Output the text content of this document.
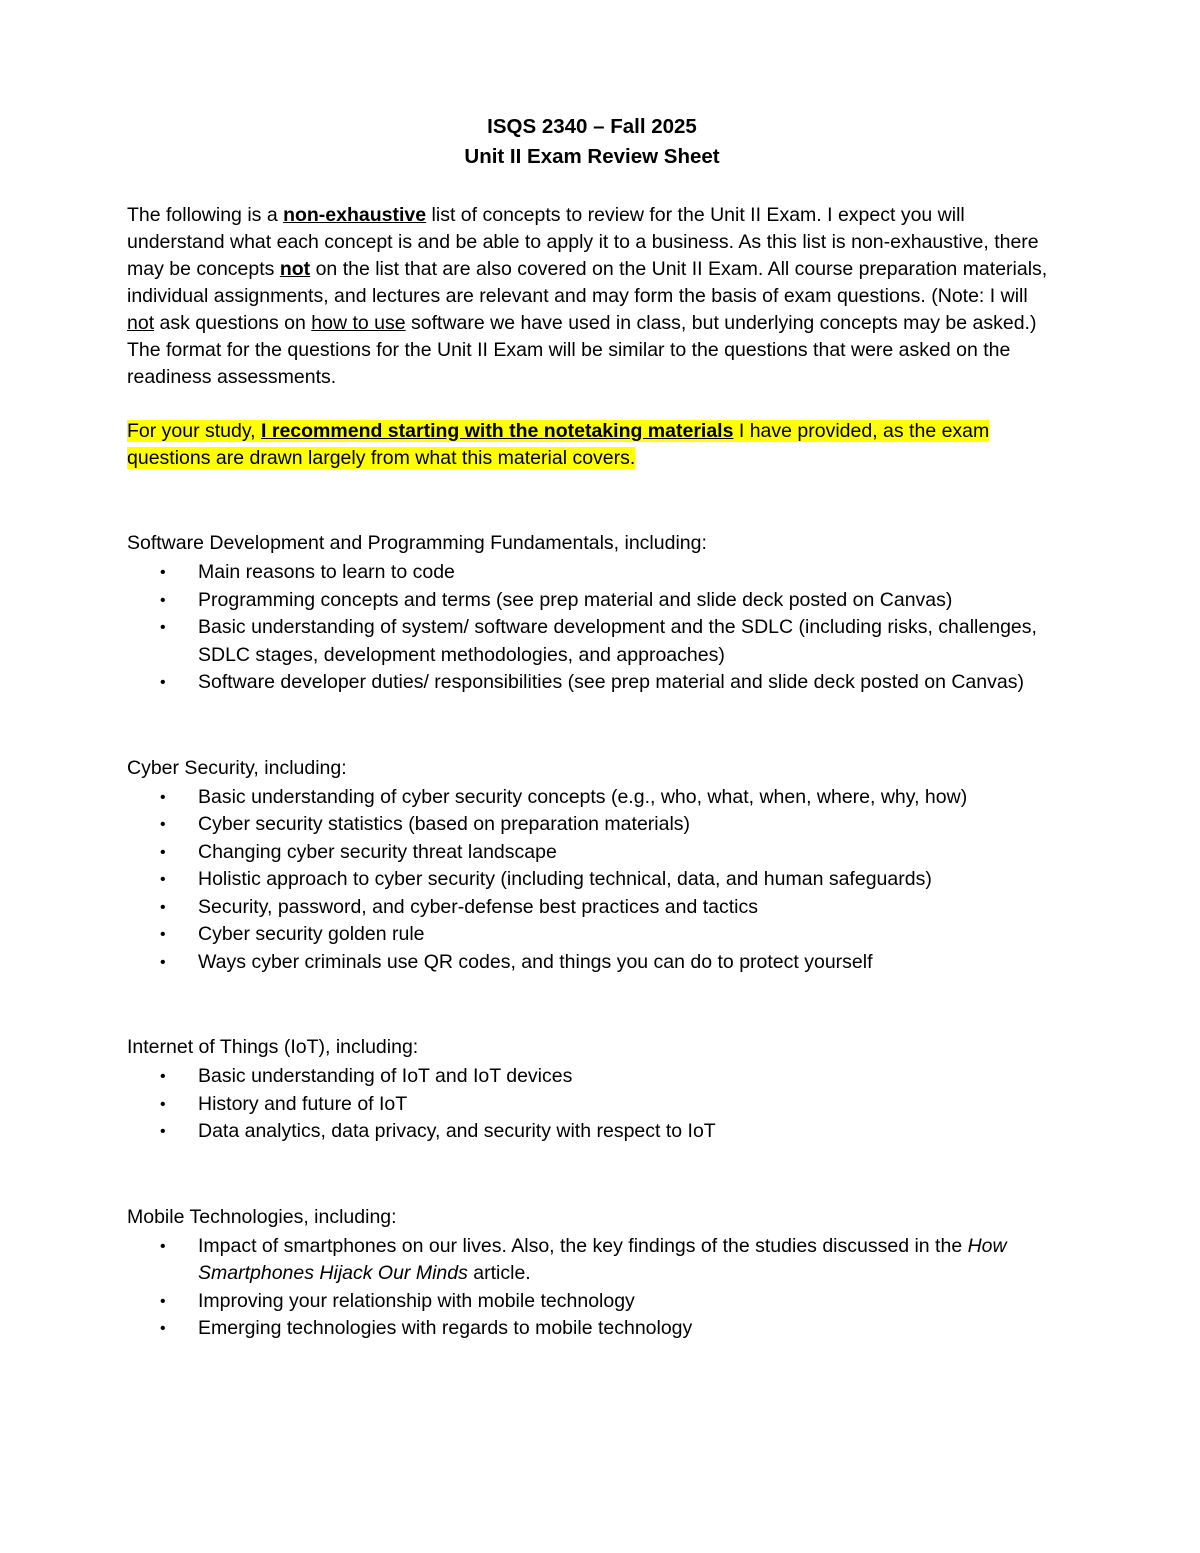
ISQS 2340 – Fall 2025
Unit II Exam Review Sheet

The following is a non-exhaustive list of concepts to review for the Unit II Exam. I expect you will understand what each concept is and be able to apply it to a business. As this list is non-exhaustive, there may be concepts not on the list that are also covered on the Unit II Exam. All course preparation materials, individual assignments, and lectures are relevant and may form the basis of exam questions. (Note: I will not ask questions on how to use software we have used in class, but underlying concepts may be asked.) The format for the questions for the Unit II Exam will be similar to the questions that were asked on the readiness assessments.

For your study, I recommend starting with the notetaking materials I have provided, as the exam questions are drawn largely from what this material covers.

Software Development and Programming Fundamentals, including:

• Main reasons to learn to code
• Programming concepts and terms (see prep material and slide deck posted on Canvas)
• Basic understanding of system/ software development and the SDLC (including risks, challenges, SDLC stages, development methodologies, and approaches)
• Software developer duties/ responsibilities (see prep material and slide deck posted on Canvas)

Cyber Security, including:

• Basic understanding of cyber security concepts (e.g., who, what, when, where, why, how)
• Cyber security statistics (based on preparation materials)
• Changing cyber security threat landscape
• Holistic approach to cyber security (including technical, data, and human safeguards)
• Security, password, and cyber-defense best practices and tactics
• Cyber security golden rule
• Ways cyber criminals use QR codes, and things you can do to protect yourself

Internet of Things (IoT), including:

• Basic understanding of IoT and IoT devices
• History and future of IoT
• Data analytics, data privacy, and security with respect to IoT

Mobile Technologies, including:

• Impact of smartphones on our lives. Also, the key findings of the studies discussed in the How Smartphones Hijack Our Minds article.
• Improving your relationship with mobile technology
• Emerging technologies with regards to mobile technology
